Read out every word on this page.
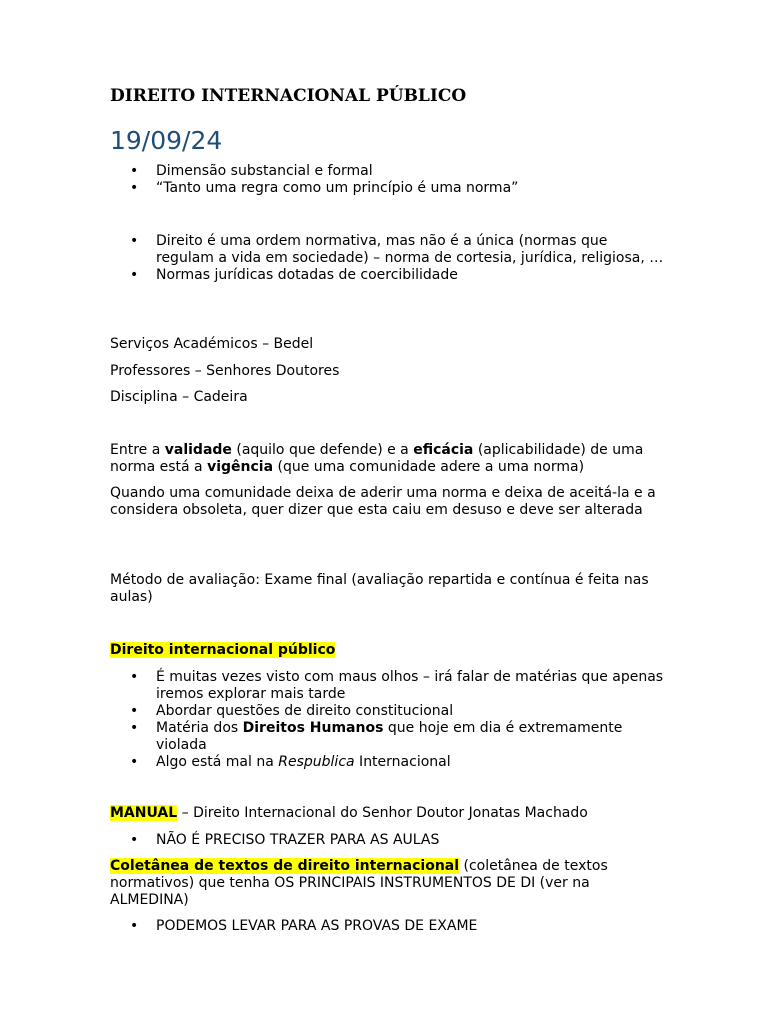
DIREITO INTERNACIONAL PÚBLICO
19/09/24
• Dimensão substancial e formal
• “Tanto uma regra como um princípio é uma norma”
• Direito é uma ordem normativa, mas não é a única (normas que regulam a vida em sociedade) – norma de cortesia, jurídica, religiosa, …
• Normas jurídicas dotadas de coercibilidade

Serviços Académicos – Bedel

Professores – Senhores Doutores

Disciplina – Cadeira

Entre a validade (aquilo que defende) e a eficácia (aplicabilidade) de uma norma está a vigência (que uma comunidade adere a uma norma)

Quando uma comunidade deixa de aderir uma norma e deixa de aceitá-la e a considera obsoleta, quer dizer que esta caiu em desuso e deve ser alterada

Método de avaliação: Exame final (avaliação repartida e contínua é feita nas aulas)

Direito internacional público

• É muitas vezes visto com maus olhos – irá falar de matérias que apenas iremos explorar mais tarde
• Abordar questões de direito constitucional
• Matéria dos Direitos Humanos que hoje em dia é extremamente violada
• Algo está mal na Respublica Internacional

MANUAL – Direito Internacional do Senhor Doutor Jonatas Machado

• NÃO É PRECISO TRAZER PARA AS AULAS

Coletânea de textos de direito internacional (coletânea de textos normativos) que tenha OS PRINCIPAIS INSTRUMENTOS DE DI (ver na ALMEDINA)

• PODEMOS LEVAR PARA AS PROVAS DE EXAME
